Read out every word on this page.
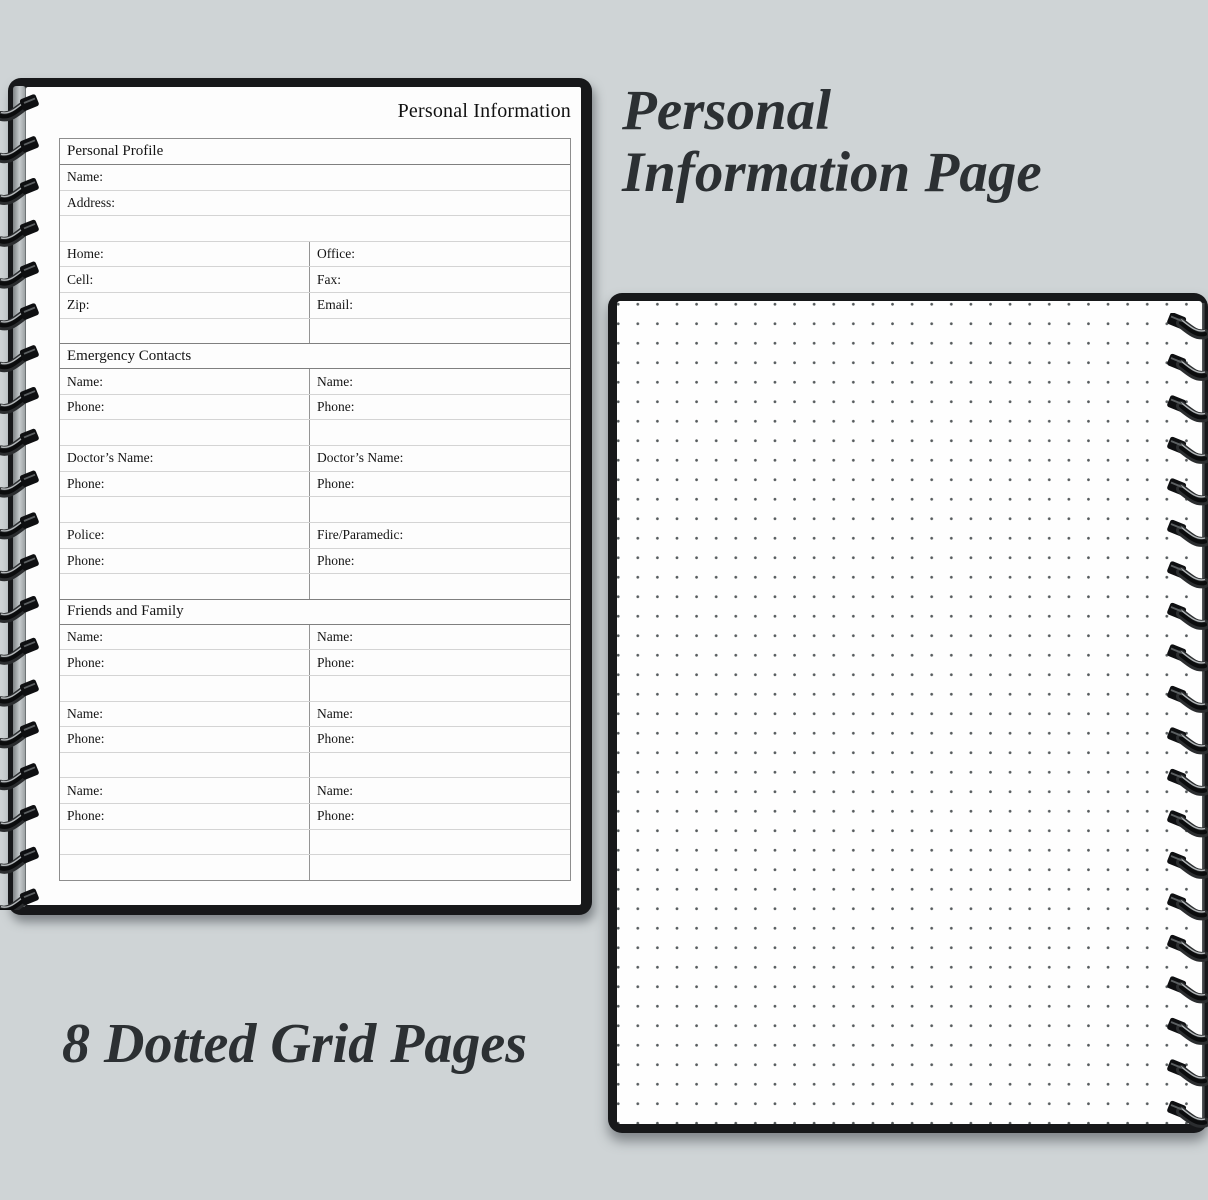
Personal Information
Personal Profile
Name:
Address:
Home:	Office:
Cell:	Fax:
Zip:	Email:
Emergency Contacts
Name:	Name:
Phone:	Phone:
Doctor’s Name:	Doctor’s Name:
Phone:	Phone:
Police:	Fire/Paramedic:
Phone:	Phone:
Friends and Family
Name:	Name:
Phone:	Phone:
Name:	Name:
Phone:	Phone:
Name:	Name:
Phone:	Phone:
Personal
Information Page
8 Dotted Grid Pages
